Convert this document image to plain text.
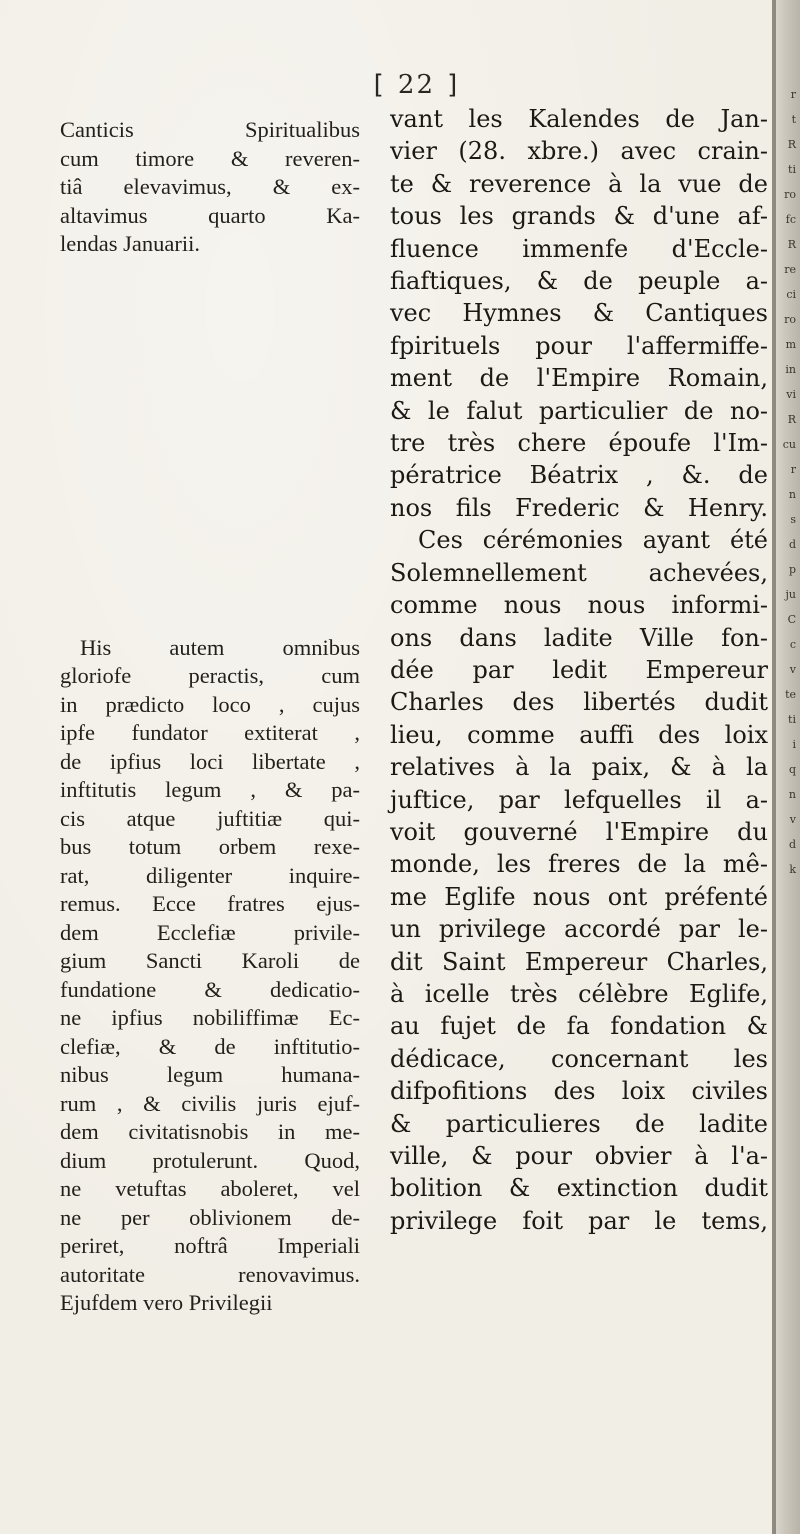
[ 22 ]
Canticis Spiritualibus
cum timore & reveren-
tiâ elevavimus, & ex-
altavimus quarto Ka-
lendas Januarii.
His autem omnibus
gloriofe peractis, cum
in prædicto loco , cujus
ipfe fundator extiterat ,
de ipfius loci libertate ,
inftitutis legum , & pa-
cis atque juftitiæ qui-
bus totum orbem rexe-
rat, diligenter inquire-
remus. Ecce fratres ejus-
dem Ecclefiæ privile-
gium Sancti Karoli de
fundatione & dedicatio-
ne ipfius nobiliffimæ Ec-
clefiæ, & de inftitutio-
nibus legum humana-
rum , & civilis juris ejuf-
dem civitatisnobis in me-
dium protulerunt. Quod,
ne vetuftas aboleret, vel
ne per oblivionem de-
periret, noftrâ Imperiali
autoritate renovavimus.
Ejufdem vero Privilegii
vant les Kalendes de Jan-
vier (28. xbre.) avec crain-
te & reverence à la vue de
tous les grands & d'une af-
fluence immenfe d'Eccle-
fiaftiques, & de peuple a-
vec Hymnes & Cantiques
fpirituels pour l'affermiffe-
ment de l'Empire Romain,
& le falut particulier de no-
tre très chere époufe l'Im-
pératrice Béatrix , &. de
nos fils Frederic & Henry.
Ces cérémonies ayant été
Solemnellement achevées,
comme nous nous informi-
ons dans ladite Ville fon-
dée par ledit Empereur
Charles des libertés dudit
lieu, comme auffi des loix
relatives à la paix, & à la
juftice, par lefquelles il a-
voit gouverné l'Empire du
monde, les freres de la mê-
me Eglife nous ont préfenté
un privilege accordé par le-
dit Saint Empereur Charles,
à icelle très célèbre Eglife,
au fujet de fa fondation &
dédicace, concernant les
difpofitions des loix civiles
& particulieres de ladite
ville, & pour obvier à l'a-
bolition & extinction dudit
privilege foit par le tems,
r
t
R
ti
ro
fc
R
re
ci
ro
m
in
vi
R
cu
r
n
s
d
p
ju
C
c
v
te
ti
i
q
n
v
d
k
